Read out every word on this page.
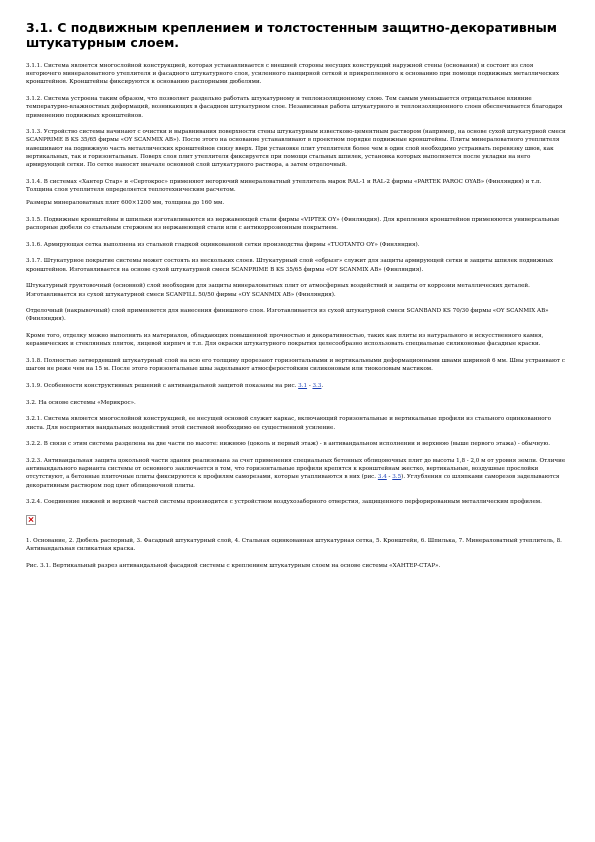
3.1. С подвижным креплением и толстостенным защитно-декоративным штукатурным слоем.

3.1.1. Система является многослойной конструкцией, которая устанавливается с внешней стороны несущих конструкций наружной стены (основания) и состоит из слоя негорючего минераловатного утеплителя и фасадного штукатурного слоя, усиленного панцирной сеткой и прикрепленного к основанию при помощи подвижных металлических кронштейнов. Кронштейны фиксируются к основанию распорными дюбелями.

3.1.2. Система устроена таким образом, что позволяет раздельно работать штукатурному и теплоизоляционному слою. Тем самым уменьшается отрицательное влияние температурно-влажностных деформаций, возникающих в фасадном штукатурном слое. Независимая работа штукатурного и теплоизоляционного слоев обеспечивается благодаря применению подвижных кронштейнов.

3.1.3. Устройство системы начинают с очистки и выравнивания поверхности стены штукатурным известково-цементным раствором (например, на основе сухой штукатурной смеси SCANPRIME B KS 35/65 фирмы «OY SCANMIX AB»). После этого на основание устанавливают в проектном порядке подвижные кронштейны. Плиты минераловатного утеплителя навешивают на подвижную часть металлических кронштейнов снизу вверх. При установке плит утеплителя более чем в один слой необходимо устраивать перевязку швов, как вертикальных, так и горизонтальных. Поверх слоя плит утеплителя фиксируется при помощи стальных шпилек, установка которых выполняется после укладки на него армирующей сетки. По сетке наносят вначале основной слой штукатурного раствора, а затем отделочный.

3.1.4. В системах «Хантер Стар» и «Сертокрос» применяют негорючий минераловатный утеплитель марок RAL-1 и RAL-2 фирмы «PARTEK PAROC OYAB» (Финляндия) и т.п. Толщина слоя утеплителя определяется теплотехническим расчетом.

Размеры минераловатных плит 600×1200 мм, толщина до 160 мм.

3.1.5. Подвижные кронштейны и шпильки изготавливаются из нержавеющей стали фирмы «VIPTEK OY» (Финляндия). Для крепления кронштейнов применяются универсальные распорные дюбели со стальным стержнем из нержавеющей стали или с антикоррозионным покрытием.

3.1.6. Армирующая сетка выполнена из стальной гладкой оцинкованной сетки производства фирмы «TUOTANTO OY» (Финляндия).

3.1.7. Штукатурное покрытие системы может состоять из нескольких слоев. Штукатурный слой «обрызг» служит для защиты армирующей сетки и защиты шпилек подвижных кронштейнов. Изготавливается на основе сухой штукатурной смеси SCANPRIME B KS 35/65 фирмы «OY SCANMIX AB» (Финляндия).

Штукатурный грунтовочный (основной) слой необходим для защиты минераловатных плит от атмосферных воздействий и защиты от коррозии металлических деталей. Изготавливается из сухой штукатурной смеси SCANFILL 50/50 фирмы «OY SCANMIX AB» (Финляндия).

Отделочный (накрывочный) слой применяется для нанесения финишного слоя. Изготавливается из сухой штукатурной смеси SCANBAND KS 70/30 фирмы «OY SCANMIX AB» (Финляндия).

Кроме того, отделку можно выполнить из материалов, обладающих повышенной прочностью и декоративностью, таких как плиты из натурального и искусственного камня, керамических и стеклянных плиток, лицевой кирпич и т.п. Для окраски штукатурного покрытия целесообразно использовать специальные силиконовые фасадные краски.

3.1.8. Полностью затвердевший штукатурный слой на всю его толщину прорезают горизонтальными и вертикальными деформационными швами шириной 6 мм. Швы устраивают с шагом не реже чем на 15 м. После этого горизонтальные швы заделывают атмосферостойким силиконовым или тиоколовым мастиком.

3.1.9. Особенности конструктивных решений с антивандальной защитой показаны на рис. 3.1 - 3.3.

3.2. На основе системы «Мерикрос».

3.2.1. Система является многослойной конструкцией, ее несущей основой служит каркас, включающий горизонтальные и вертикальные профили из стального оцинкованного листа. Для восприятия вандальных воздействий этой системой необходимо ее существенной усиление.

3.2.2. В связи с этим система разделена на две части по высоте: нижнюю (цоколь и первый этаж) - в антивандальном исполнении и верхнюю (выше первого этажа) - обычную.

3.2.3. Антивандальная защита цокольной части здания реализована за счет применения специальных бетонных облицовочных плит до высоты 1,8 - 2,0 м от уровня земли. Отличие антивандального варианта системы от основного заключается в том, что горизонтальные профили крепятся к кронштейнам жестко, вертикальные, воздушные прослойки отсутствуют, а бетонные плиточные плиты фиксируются к профилям саморезами, которые утапливаются в них (рис. 3.4 - 3.5). Углубления со шляпками саморезов заделываются декоративным раствором под цвет облицовочной плиты.

3.2.4. Соединение нижней и верхней частей системы производится с устройством воздухозаборного отверстия, защищенного перфорированным металлическим профилем.

1. Основание, 2. Дюбель распорный, 3. Фасадный штукатурный слой, 4. Стальная оцинкованная штукатурная сетка, 5. Кронштейн, 6. Шпилька, 7. Минераловатный утеплитель, 8. Антивандальная силикатная краска.

Рис. 3.1. Вертикальный разрез антивандальной фасадной системы с креплением штукатурным слоем на основе системы «ХАНТЕР-СТАР».
